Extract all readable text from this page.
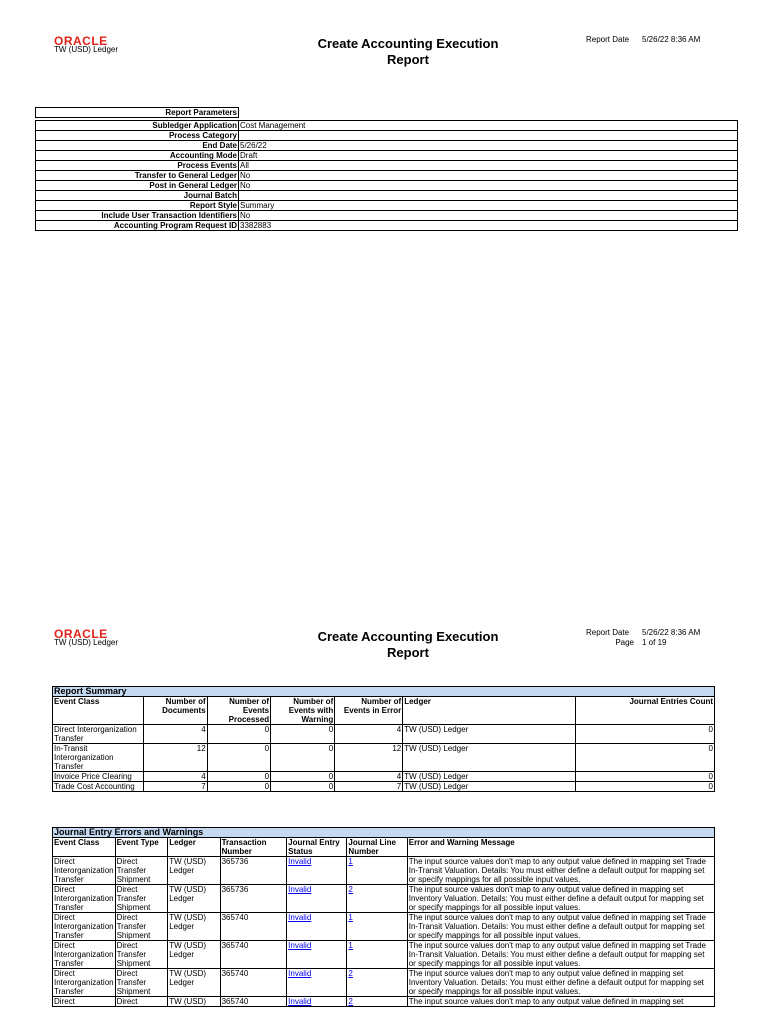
ORACLE
TW (USD) Ledger	Create Accounting Execution
Report
Report Date 5/26/22 8:36 AM
Report Parameters	

Subledger Application	Cost Management
Process Category	
End Date	5/26/22
Accounting Mode	Draft
Process Events	All
Transfer to General Ledger	No
Post in General Ledger	No
Journal Batch	
Report Style	Summary
Include User Transaction Identifiers	No
Accounting Program Request ID	3382883
ORACLE
TW (USD) Ledger	Create Accounting Execution
Report
Report Date 5/26/22 8:36 AM
Page 1 of 19
Report Summary						
Event Class	Number of Documents	Number of Events Processed	Number of Events with Warning	Number of Events in Error	Ledger	Journal Entries Count
Direct Interorganization Transfer	4	0	0	4	TW (USD) Ledger	0
In-Transit Interorganization Transfer	12	0	0	12	TW (USD) Ledger	0
Invoice Price Clearing	4	0	0	4	TW (USD) Ledger	0
Trade Cost Accounting	7	0	0	7	TW (USD) Ledger	0
Journal Entry Errors and Warnings						
Event Class	Event Type	Ledger	Transaction Number	Journal Entry Status	Journal Line Number	Error and Warning Message
Direct Interorganization Transfer	Direct Transfer Shipment	TW (USD) Ledger	365736	Invalid	1	The input source values don't map to any output value defined in mapping set Trade In-Transit Valuation. Details: You must either define a default output for mapping set or specify mappings for all possible input values.
Direct Interorganization Transfer	Direct Transfer Shipment	TW (USD) Ledger	365736	Invalid	2	The input source values don't map to any output value defined in mapping set Inventory Valuation. Details: You must either define a default output for mapping set or specify mappings for all possible input values.
Direct Interorganization Transfer	Direct Transfer Shipment	TW (USD) Ledger	365740	Invalid	1	The input source values don't map to any output value defined in mapping set Trade In-Transit Valuation. Details: You must either define a default output for mapping set or specify mappings for all possible input values.
Direct Interorganization Transfer	Direct Transfer Shipment	TW (USD) Ledger	365740	Invalid	1	The input source values don't map to any output value defined in mapping set Trade In-Transit Valuation. Details: You must either define a default output for mapping set or specify mappings for all possible input values.
Direct Interorganization Transfer	Direct Transfer Shipment	TW (USD) Ledger	365740	Invalid	2	The input source values don't map to any output value defined in mapping set Inventory Valuation. Details: You must either define a default output for mapping set or specify mappings for all possible input values.
Direct	Direct	TW (USD)	365740	Invalid	2	The input source values don't map to any output value defined in mapping set
